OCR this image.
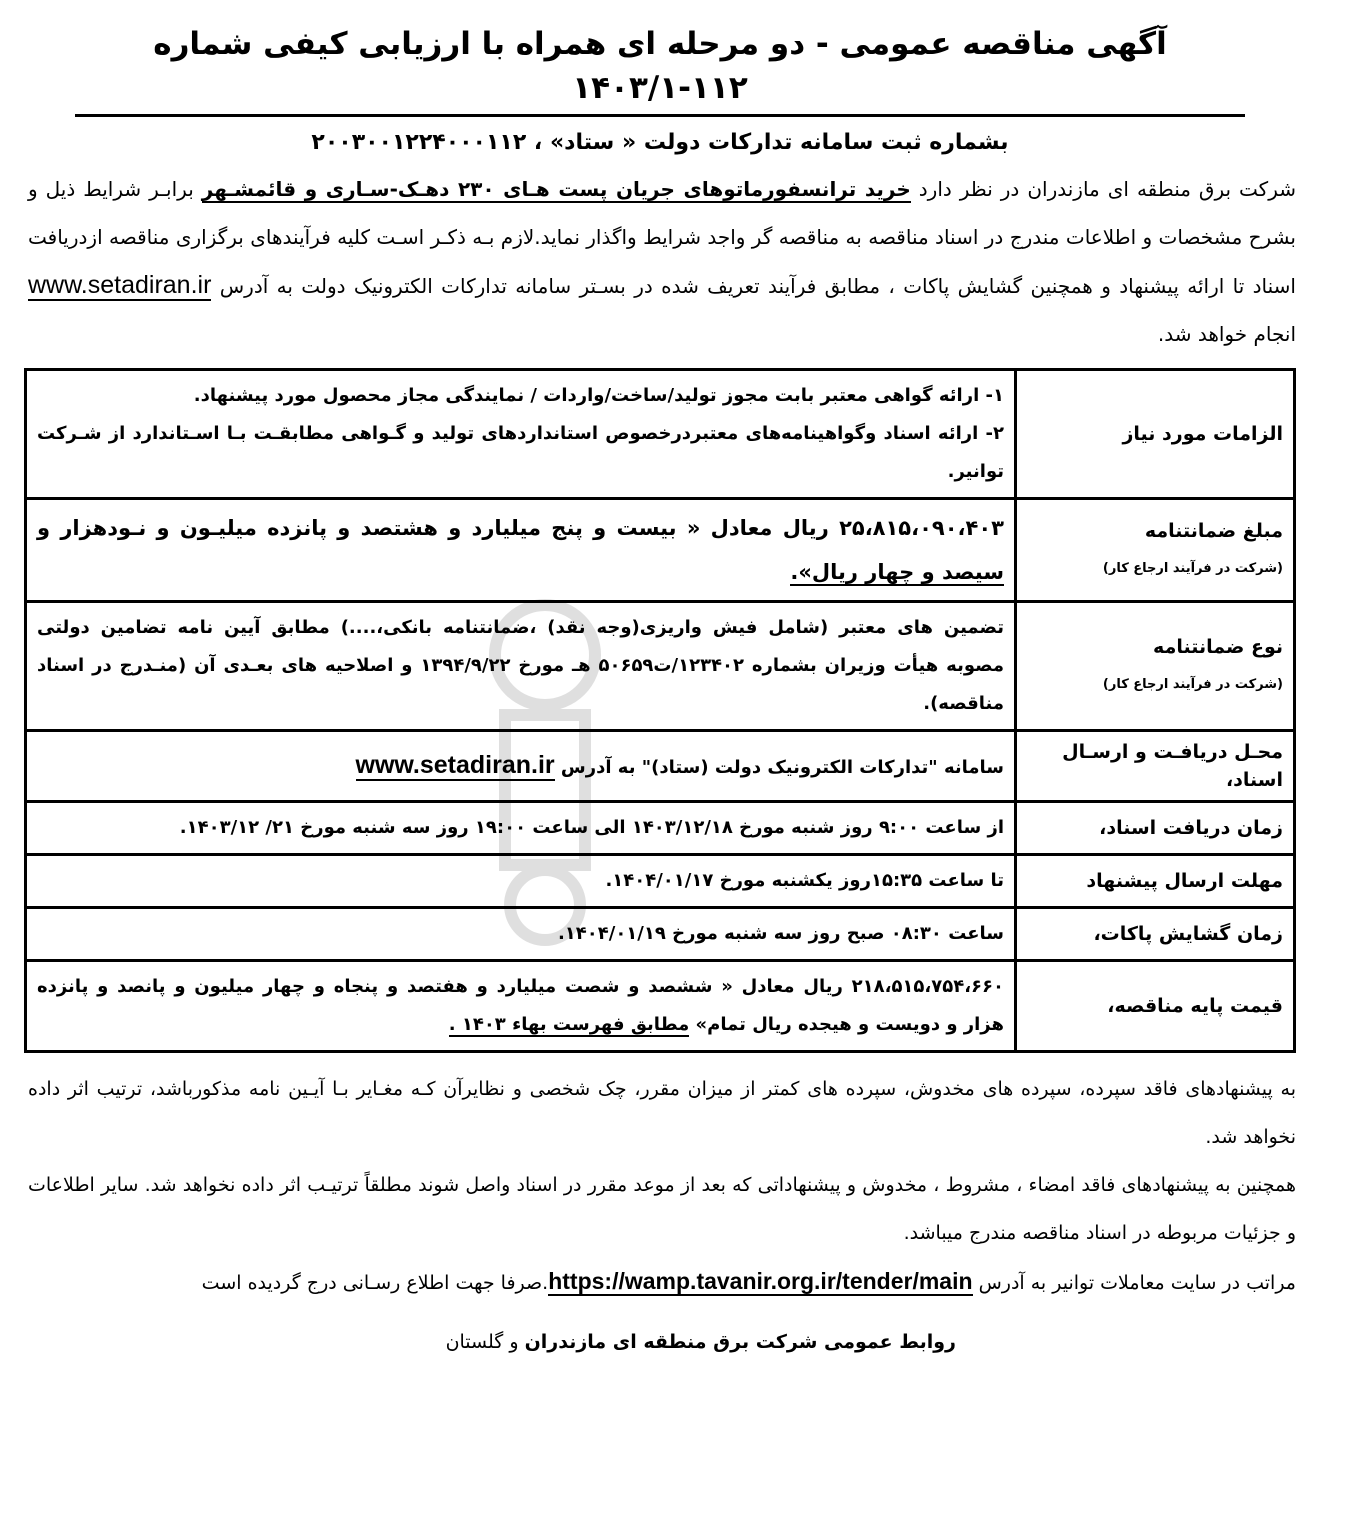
آگهی مناقصه عمومی - دو مرحله ای همراه با ارزیابی کیفی شماره ۱۱۲-۱۴۰۳/۱
بشماره ثبت سامانه تدارکات دولت « ستاد» ، ۲۰۰۳۰۰۱۲۲۴۰۰۰۱۱۲
شرکت برق منطقه ای مازندران در نظر دارد خرید ترانسفورماتوهای جریان پست هـای ۲۳۰ دهـک-سـاری و قائمشـهر برابـر شرایط ذیل و بشرح مشخصات و اطلاعات مندرج در اسناد مناقصه به مناقصه گر واجد شرایط واگذار نماید.لازم بـه ذکـر اسـت کلیه فرآیندهای برگزاری مناقصه ازدریافت اسناد تا ارائه پیشنهاد و همچنین گشایش پاکات ، مطابق فرآیند تعریف شده در بسـتر سامانه تدارکات الکترونیک دولت به آدرس www.setadiran.ir انجام خواهد شد.
الزامات مورد نیاز	۱- ارائه گواهی معتبر بابت مجوز تولید/ساخت/واردات / نمایندگی مجاز محصول مورد پیشنهاد.
۲- ارائه اسناد وگواهینامه‌های معتبردرخصوص استانداردهای تولید و گـواهی مطابقـت بـا اسـتاندارد از شـرکت توانیر.

مبلغ ضمانتنامه
(شرکت در فرآیند ارجاع کار)	۲۵،۸۱۵،۰۹۰،۴۰۳ ریال معادل « بیست و پنج میلیارد و هشتصد و پانزده میلیـون و نـودهزار و سیصد و چهار ریال».
نوع ضمانتنامه
(شرکت در فرآیند ارجاع کار)	تضمین های معتبر (شامل فیش واریزی(وجه نقد) ،ضمانتنامه بانکی،....) مطابق آیین نامه تضامین دولتی مصوبه هیأت وزیران بشماره ۱۲۳۴۰۲/ت۵۰۶۵۹ هـ مورخ ۱۳۹۴/۹/۲۲ و اصلاحیه های بعـدی آن (منـدرج در اسناد مناقصه).
محـل دریافـت و ارسـال اسناد،	سامانه "تدارکات الکترونیک دولت (ستاد)" به آدرس www.setadiran.ir
زمان دریافت اسناد،	از ساعت ۹:۰۰ روز شنبه مورخ ۱۴۰۳/۱۲/۱۸ الی ساعت ۱۹:۰۰ روز سه شنبه مورخ ۲۱/ ۱۴۰۳/۱۲.
مهلت ارسال پیشنهاد	تا ساعت ۱۵:۳۵روز یکشنبه مورخ ۱۴۰۴/۰۱/۱۷.
زمان گشایش پاکات،	ساعت ۰۸:۳۰ صبح روز سه شنبه مورخ ۱۴۰۴/۰۱/۱۹.
قیمت پایه مناقصه،	۲۱۸،۵۱۵،۷۵۴،۶۶۰ ریال معادل « ششصد و شصت میلیارد و هفتصد و پنجاه و چهار میلیون و پانصد و پانزده هزار و دویست و هیجده ریال تمام» مطابق فهرست بهاء ۱۴۰۳ .
به پیشنهادهای فاقد سپرده، سپرده های مخدوش، سپرده های کمتر از میزان مقرر، چک شخصی و نظایرآن کـه مغـایر بـا آیـین نامه مذکورباشد، ترتیب اثر داده نخواهد شد.
همچنین به پیشنهادهای فاقد امضاء ، مشروط ، مخدوش و پیشنهاداتی که بعد از موعد مقرر در اسناد واصل شوند مطلقاً ترتیـب اثر داده نخواهد شد. سایر اطلاعات و جزئیات مربوطه در اسناد مناقصه مندرج میباشد.
مراتب در سایت معاملات توانیر به آدرس https://wamp.tavanir.org.ir/tender/main.صرفا جهت اطلاع رسـانی درج گردیده است
روابط عمومی شرکت برق منطقه ای مازندران و گلستان
